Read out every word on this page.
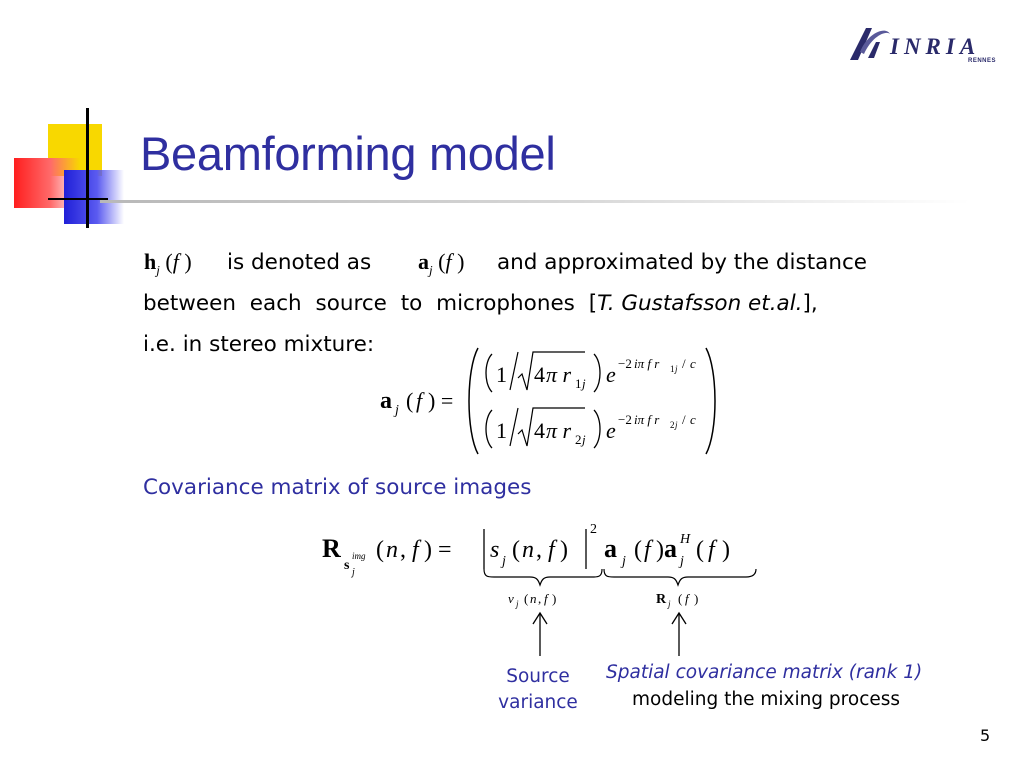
INRIA
RENNES
Beamforming model
$h_j$ (f ) is denoted as $a_j$ (f ) and approximated by the distance
between each source to microphones [T. Gustafsson et.al.],
i.e. in stereo mixture:
a j ( f ) =
1 4 π r 1 j e −2 iπ f r 1 j / c
1 4 π r 2 j e −2 iπ f r 2 j / c
Covariance matrix of source images
R
s
img
j
( n , f ) = s j ( n , f )
2
a j ( f ) a H
j ( f )
v j ( n , f )	R j ( f )
Source
variance
Spatial covariance matrix (rank 1)
modeling the mixing process
5
